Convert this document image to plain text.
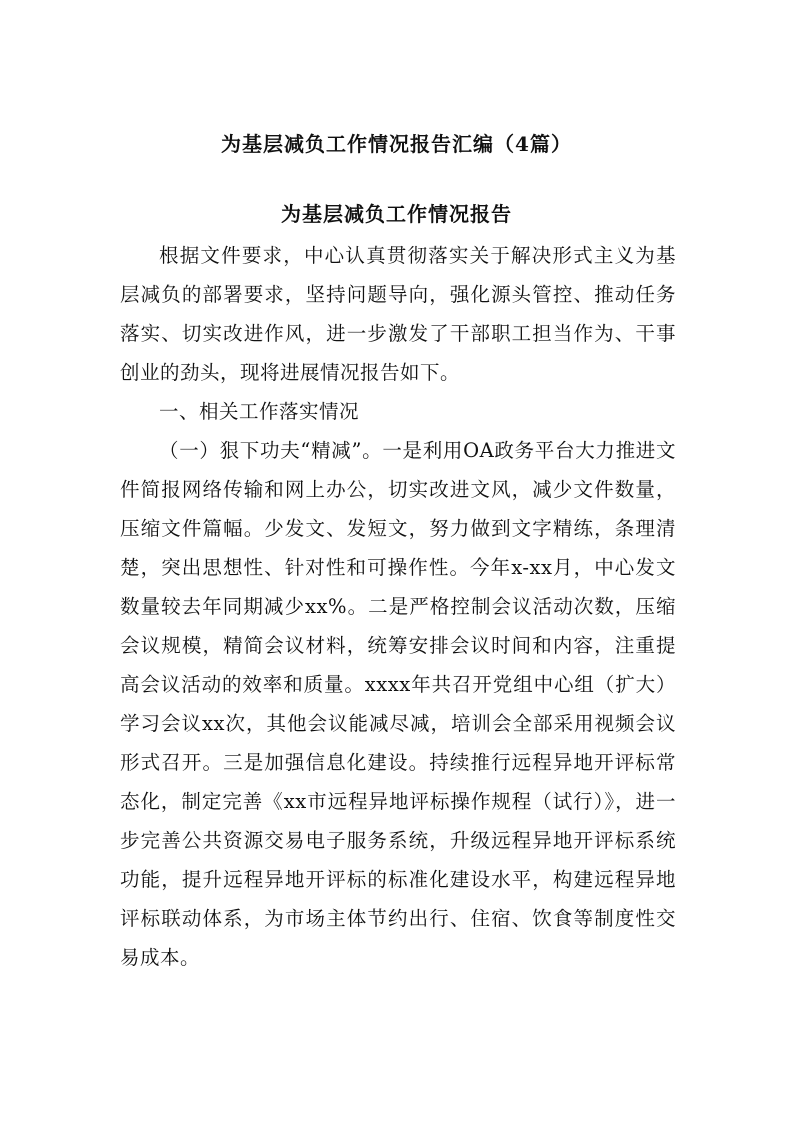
为基层减负工作情况报告汇编（4篇）
为基层减负工作情况报告

根据文件要求，中心认真贯彻落实关于解决形式主义为基层减负的部署要求，坚持问题导向，强化源头管控、推动任务落实、切实改进作风，进一步激发了干部职工担当作为、干事创业的劲头，现将进展情况报告如下。

一、相关工作落实情况

（一）狠下功夫“精减”。一是利用OA政务平台大力推进文件简报网络传输和网上办公，切实改进文风，减少文件数量，压缩文件篇幅。少发文、发短文，努力做到文字精练，条理清楚，突出思想性、针对性和可操作性。今年x-xx月，中心发文数量较去年同期减少xx%。二是严格控制会议活动次数，压缩会议规模，精简会议材料，统筹安排会议时间和内容，注重提高会议活动的效率和质量。xxxx年共召开党组中心组（扩大）学习会议xx次，其他会议能减尽减，培训会全部采用视频会议形式召开。三是加强信息化建设。持续推行远程异地开评标常态化，制定完善《xx市远程异地评标操作规程（试行）》，进一步完善公共资源交易电子服务系统，升级远程异地开评标系统功能，提升远程异地开评标的标准化建设水平，构建远程异地评标联动体系，为市场主体节约出行、住宿、饮食等制度性交易成本。
